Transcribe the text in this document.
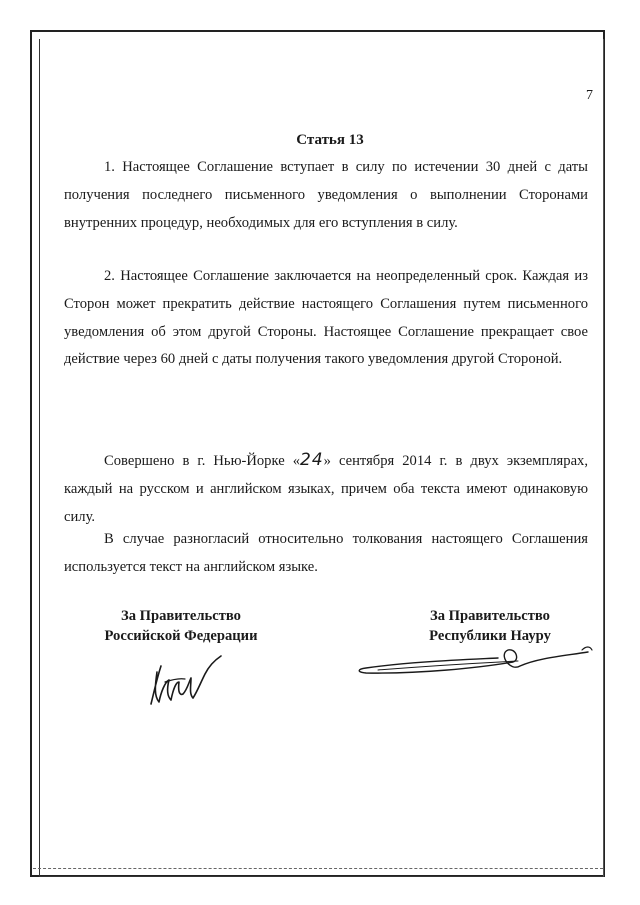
7
Статья 13

1. Настоящее Соглашение вступает в силу по истечении 30 дней с даты получения последнего письменного уведомления о выполнении Сторонами внутренних процедур, необходимых для его вступления в силу.

2. Настоящее Соглашение заключается на неопределенный срок. Каждая из Сторон может прекратить действие настоящего Соглашения путем письменного уведомления об этом другой Стороны. Настоящее Соглашение прекращает свое действие через 60 дней с даты получения такого уведомления другой Стороной.

Совершено в г. Нью-Йорке «24» сентября 2014 г. в двух экземплярах, каждый на русском и английском языках, причем оба текста имеют одинаковую силу.

В случае разногласий относительно толкования настоящего Соглашения используется текст на английском языке.

За Правительство
Российской Федерации
За Правительство
Республики Науру
